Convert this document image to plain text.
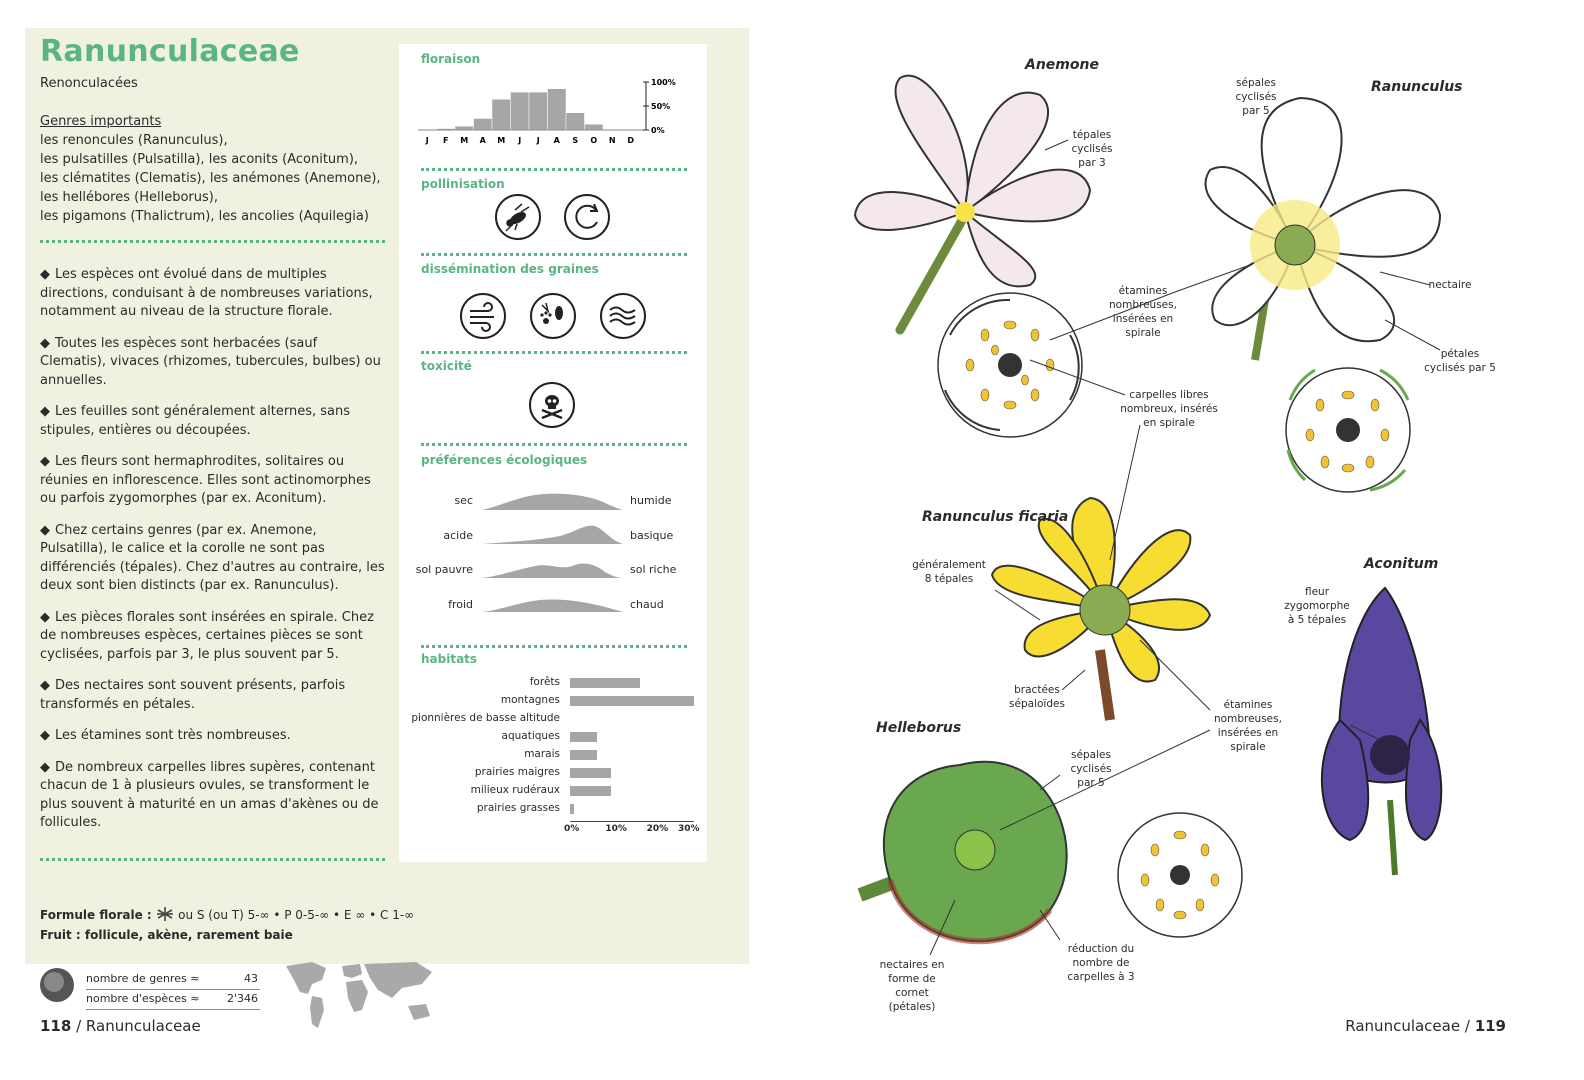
Ranunculaceae
Renonculacées
Genres importants
les renoncules (Ranunculus),
les pulsatilles (Pulsatilla), les aconits (Aconitum),
les clématites (Clematis), les anémones (Anemone),
les hellébores (Helleborus),
les pigamons (Thalictrum), les ancolies (Aquilegia)
◆ Les espèces ont évolué dans de multiples directions, conduisant à de nombreuses variations, notamment au niveau de la structure florale.
◆ Toutes les espèces sont herbacées (sauf Clematis), vivaces (rhizomes, tubercules, bulbes) ou annuelles.
◆ Les feuilles sont généralement alternes, sans stipules, entières ou découpées.
◆ Les fleurs sont hermaphrodites, solitaires ou réunies en inflorescence. Elles sont actinomorphes ou parfois zygomorphes (par ex. Aconitum).
◆ Chez certains genres (par ex. Anemone, Pulsatilla), le calice et la corolle ne sont pas différenciés (tépales). Chez d'autres au contraire, les deux sont bien distincts (par ex. Ranunculus).
◆ Les pièces florales sont insérées en spirale. Chez de nombreuses espèces, certaines pièces se sont cyclisées, parfois par 3, le plus souvent par 5.
◆ Des nectaires sont souvent présents, parfois transformés en pétales.
◆ Les étamines sont très nombreuses.
◆ De nombreux carpelles libres supères, contenant chacun de 1 à plusieurs ovules, se transforment le plus souvent à maturité en un amas d'akènes ou de follicules.
Formule florale : ou S (ou T) 5-∞ • P 0-5-∞ • E ∞ • C 1-∞
Fruit : follicule, akène, rarement baie
nombre de genres ≈	43
nombre d'espèces ≈	2'346
118 / Ranunculaceae	Ranunculaceae / 119
floraison
J F M A M J J A S O N D
100%
50%
0%
pollinisation
dissémination des graines
toxicité
préférences écologiques
sec	humide
acide	basique
sol pauvre	sol riche
froid	chaud
habitats
forêts
montagnes
pionnières de basse altitude
aquatiques
marais
prairies maigres
milieux rudéraux
prairies grasses
0%	10% 20% 30%
Anemone
Ranunculus
Ranunculus ficaria
Aconitum
Helleborus
tépales cyclisés par 3
sépales cyclisés par 5
étamines nombreuses, insérées en spirale
nectaire
pétales cyclisés par 5
carpelles libres nombreux, insérés en spirale
généralement 8 tépales
fleur zygomorphe à 5 tépales
bractées sépaloïdes	étamines nombreuses, insérées en spirale
sépales cyclisés par 5
nectaires en forme de cornet (pétales)
réduction du nombre de carpelles à 3
